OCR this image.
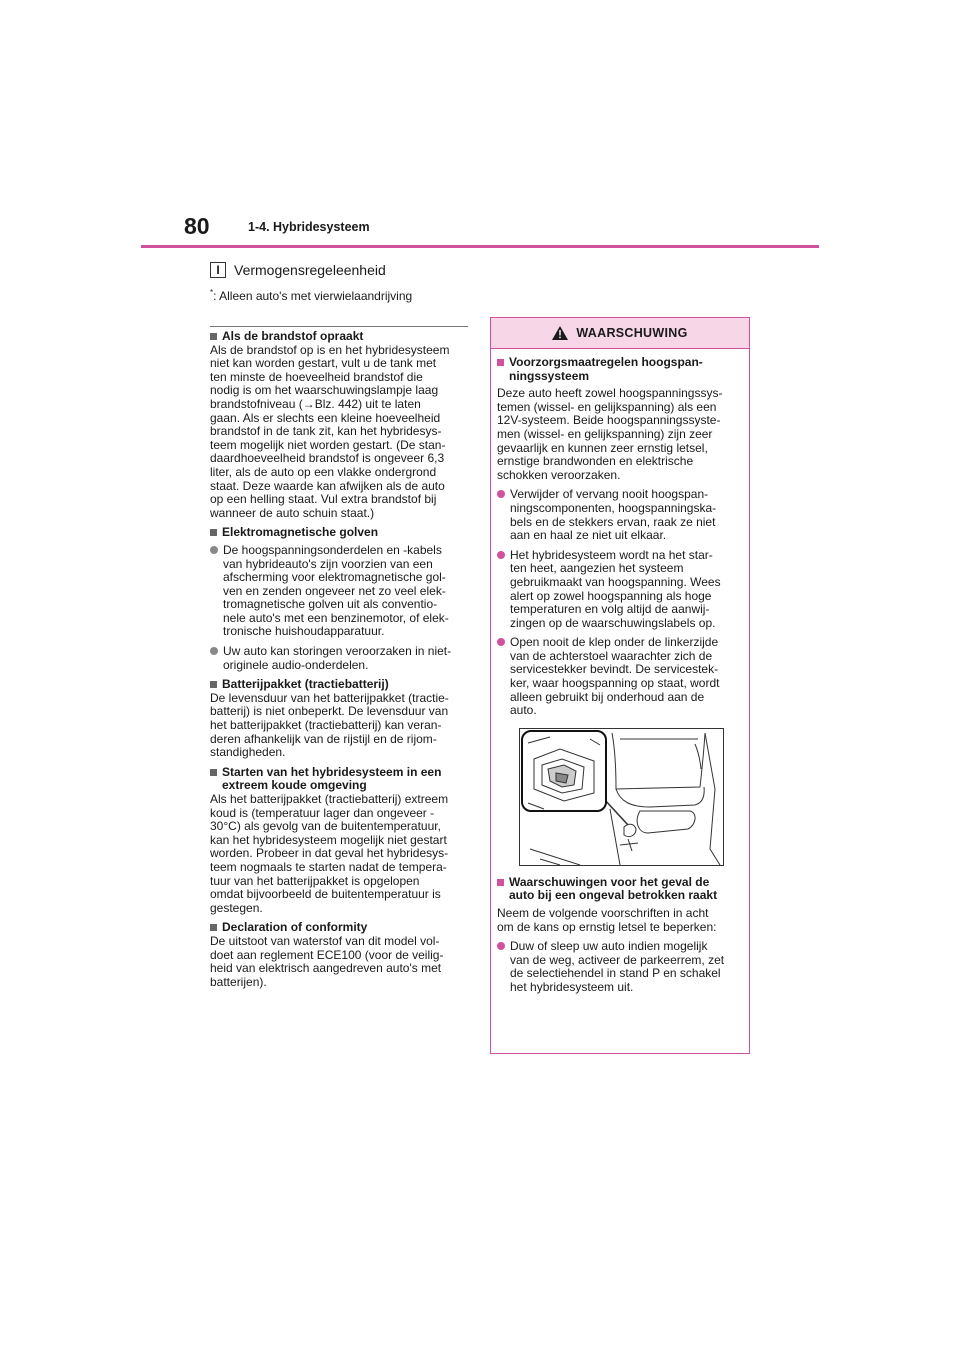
80	1-4. Hybridesysteem
I	Vermogensregeleenheid
*: Alleen auto's met vierwielaandrijving
Als de brandstof opraakt
Als de brandstof op is en het hybridesysteem
niet kan worden gestart, vult u de tank met
ten minste de hoeveelheid brandstof die
nodig is om het waarschuwingslampje laag
brandstofniveau (→Blz. 442) uit te laten
gaan. Als er slechts een kleine hoeveelheid
brandstof in de tank zit, kan het hybridesys-
teem mogelijk niet worden gestart. (De stan-
daardhoeveelheid brandstof is ongeveer 6,3
liter, als de auto op een vlakke ondergrond
staat. Deze waarde kan afwijken als de auto
op een helling staat. Vul extra brandstof bij
wanneer de auto schuin staat.)
Elektromagnetische golven
De hoogspanningsonderdelen en -kabels
van hybrideauto's zijn voorzien van een
afscherming voor elektromagnetische gol-
ven en zenden ongeveer net zo veel elek-
tromagnetische golven uit als conventio-
nele auto's met een benzinemotor, of elek-
tronische huishoudapparatuur.
Uw auto kan storingen veroorzaken in niet-
originele audio-onderdelen.
Batterijpakket (tractiebatterij)
De levensduur van het batterijpakket (tractie-
batterij) is niet onbeperkt. De levensduur van
het batterijpakket (tractiebatterij) kan veran-
deren afhankelijk van de rijstijl en de rijom-
standigheden.
Starten van het hybridesysteem in een
extreem koude omgeving
Als het batterijpakket (tractiebatterij) extreem
koud is (temperatuur lager dan ongeveer -
30°C) als gevolg van de buitentemperatuur,
kan het hybridesysteem mogelijk niet gestart
worden. Probeer in dat geval het hybridesys-
teem nogmaals te starten nadat de tempera-
tuur van het batterijpakket is opgelopen
omdat bijvoorbeeld de buitentemperatuur is
gestegen.
Declaration of conformity
De uitstoot van waterstof van dit model vol-
doet aan reglement ECE100 (voor de veilig-
heid van elektrisch aangedreven auto's met
batterijen).
WAARSCHUWING
Voorzorgsmaatregelen hoogspan-
ningssysteem
Deze auto heeft zowel hoogspanningssys-
temen (wissel- en gelijkspanning) als een
12V-systeem. Beide hoogspanningssyste-
men (wissel- en gelijkspanning) zijn zeer
gevaarlijk en kunnen zeer ernstig letsel,
ernstige brandwonden en elektrische
schokken veroorzaken.
Verwijder of vervang nooit hoogspan-
ningscomponenten, hoogspanningska-
bels en de stekkers ervan, raak ze niet
aan en haal ze niet uit elkaar.
Het hybridesysteem wordt na het star-
ten heet, aangezien het systeem
gebruikmaakt van hoogspanning. Wees
alert op zowel hoogspanning als hoge
temperaturen en volg altijd de aanwij-
zingen op de waarschuwingslabels op.
Open nooit de klep onder de linkerzijde
van de achterstoel waarachter zich de
servicestekker bevindt. De servicestek-
ker, waar hoogspanning op staat, wordt
alleen gebruikt bij onderhoud aan de
auto.
Waarschuwingen voor het geval de
auto bij een ongeval betrokken raakt
Neem de volgende voorschriften in acht
om de kans op ernstig letsel te beperken:
Duw of sleep uw auto indien mogelijk
van de weg, activeer de parkeerrem, zet
de selectiehendel in stand P en schakel
het hybridesysteem uit.
